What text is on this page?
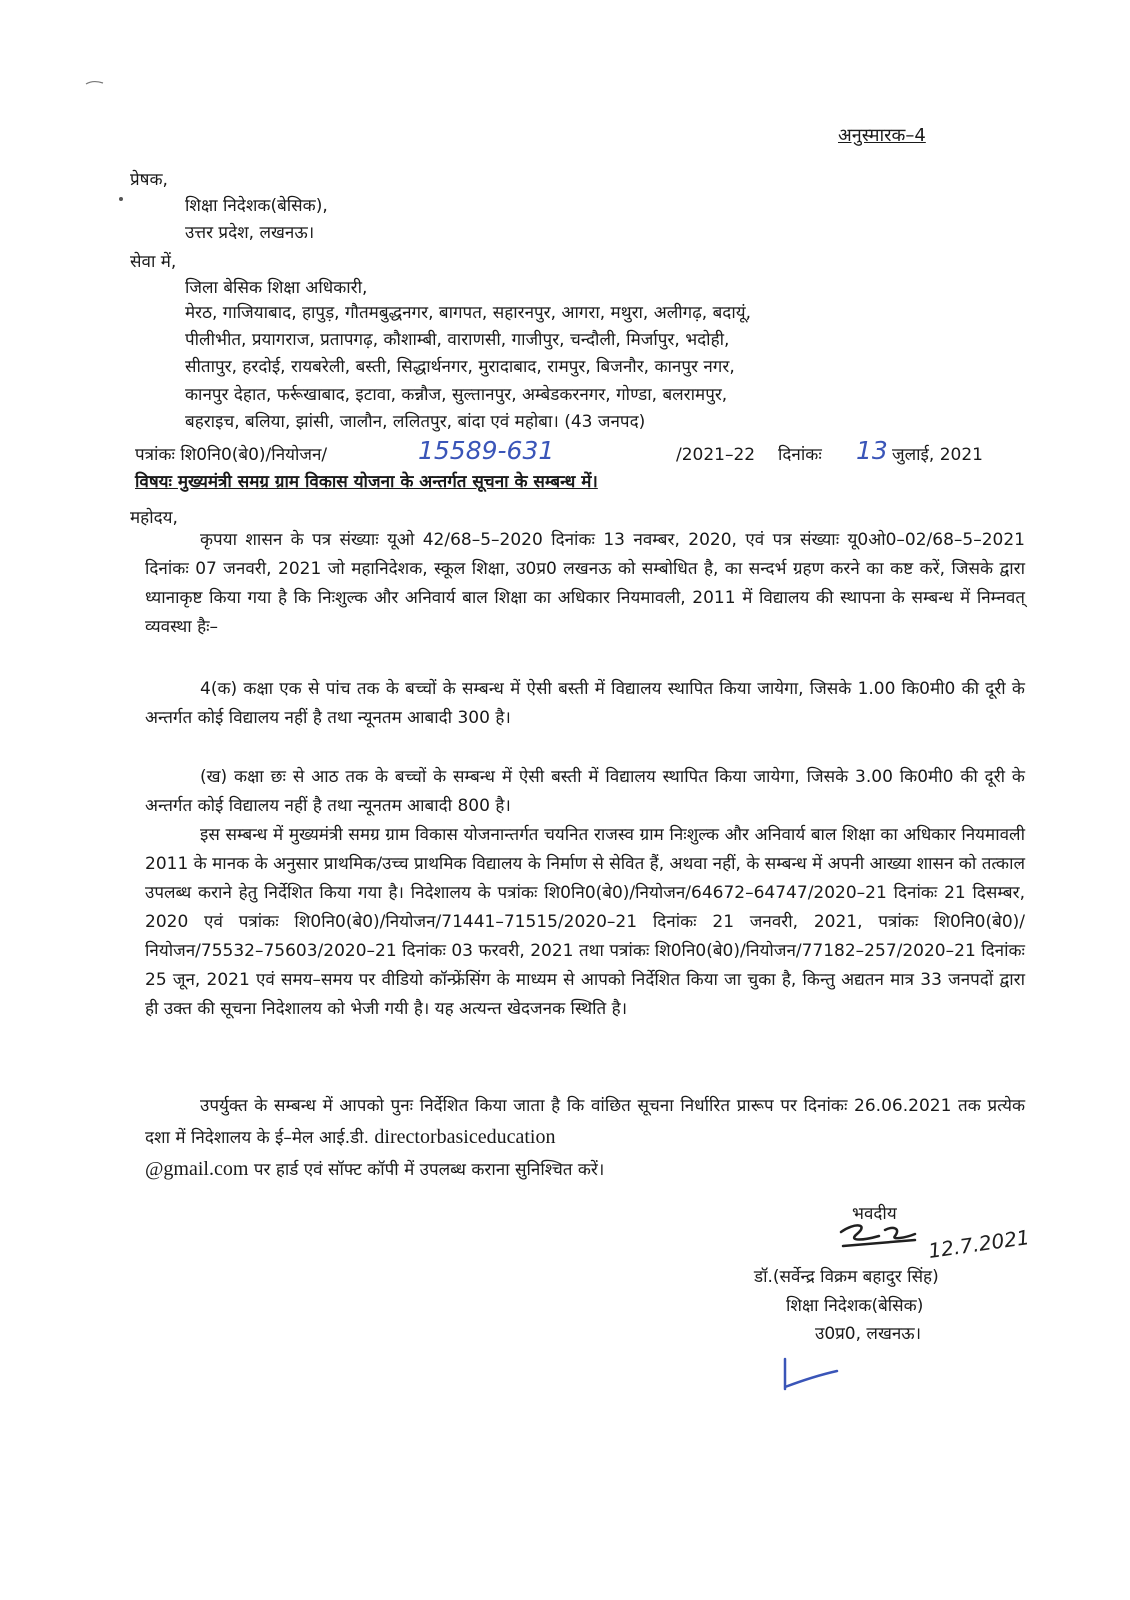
अनुस्मारक–4
प्रेषक,
शिक्षा निदेशक(बेसिक),
उत्तर प्रदेश, लखनऊ।
सेवा में,
जिला बेसिक शिक्षा अधिकारी,
मेरठ, गाजियाबाद, हापुड़, गौतमबुद्धनगर, बागपत, सहारनपुर, आगरा, मथुरा, अलीगढ़, बदायूं,
पीलीभीत, प्रयागराज, प्रतापगढ़, कौशाम्बी, वाराणसी, गाजीपुर, चन्दौली, मिर्जापुर, भदोही,
सीतापुर, हरदोई, रायबरेली, बस्ती, सिद्धार्थनगर, मुरादाबाद, रामपुर, बिजनौर, कानपुर नगर,
कानपुर देहात, फर्रूखाबाद, इटावा, कन्नौज, सुल्तानपुर, अम्बेडकरनगर, गोण्डा, बलरामपुर,
बहराइच, बलिया, झांसी, जालौन, ललितपुर, बांदा एवं महोबा। (43 जनपद)
पत्रांकः शि0नि0(बे0)/नियोजन/	15589-631	/2021–22 दिनांकः 13 जुलाई, 2021
विषयः मुख्यमंत्री समग्र ग्राम विकास योजना के अन्तर्गत सूचना के सम्बन्ध में।
महोदय,
कृपया शासन के पत्र संख्याः यूओ 42/68–5–2020 दिनांकः 13 नवम्बर, 2020, एवं पत्र संख्याः यू0ओ0–02/68–5–2021 दिनांकः 07 जनवरी, 2021 जो महानिदेशक, स्कूल शिक्षा, उ0प्र0 लखनऊ को सम्बोधित है, का सन्दर्भ ग्रहण करने का कष्ट करें, जिसके द्वारा ध्यानाकृष्ट किया गया है कि निःशुल्क और अनिवार्य बाल शिक्षा का अधिकार नियमावली, 2011 में विद्यालय की स्थापना के सम्बन्ध में निम्नवत् व्यवस्था हैः–
4(क) कक्षा एक से पांच तक के बच्चों के सम्बन्ध में ऐसी बस्ती में विद्यालय स्थापित किया जायेगा, जिसके 1.00 कि0मी0 की दूरी के अन्तर्गत कोई विद्यालय नहीं है तथा न्यूनतम आबादी 300 है।
(ख) कक्षा छः से आठ तक के बच्चों के सम्बन्ध में ऐसी बस्ती में विद्यालय स्थापित किया जायेगा, जिसके 3.00 कि0मी0 की दूरी के अन्तर्गत कोई विद्यालय नहीं है तथा न्यूनतम आबादी 800 है।
इस सम्बन्ध में मुख्यमंत्री समग्र ग्राम विकास योजनान्तर्गत चयनित राजस्व ग्राम निःशुल्क और अनिवार्य बाल शिक्षा का अधिकार नियमावली 2011 के मानक के अनुसार प्राथमिक/उच्च प्राथमिक विद्यालय के निर्माण से सेवित हैं, अथवा नहीं, के सम्बन्ध में अपनी आख्या शासन को तत्काल उपलब्ध कराने हेतु निर्देशित किया गया है। निदेशालय के पत्रांकः शि0नि0(बे0)/नियोजन/64672–64747/2020–21 दिनांकः 21 दिसम्बर, 2020 एवं पत्रांकः शि0नि0(बे0)/नियोजन/71441–71515/2020–21 दिनांकः 21 जनवरी, 2021, पत्रांकः शि0नि0(बे0)/नियोजन/75532–75603/2020–21 दिनांकः 03 फरवरी, 2021 तथा पत्रांकः शि0नि0(बे0)/नियोजन/77182–257/2020–21 दिनांकः 25 जून, 2021 एवं समय–समय पर वीडियो कॉन्फ्रेंसिंग के माध्यम से आपको निर्देशित किया जा चुका है, किन्तु अद्यतन मात्र 33 जनपदों द्वारा ही उक्त की सूचना निदेशालय को भेजी गयी है। यह अत्यन्त खेदजनक स्थिति है।
उपर्युक्त के सम्बन्ध में आपको पुनः निर्देशित किया जाता है कि वांछित सूचना निर्धारित प्रारूप पर दिनांकः 26.06.2021 तक प्रत्येक दशा में निदेशालय के ई–मेल आई.डी. directorbasiceducation
@gmail.com पर हार्ड एवं सॉफ्ट कॉपी में उपलब्ध कराना सुनिश्चित करें।
भवदीय
12.7.2021
डॉ.(सर्वेन्द्र विक्रम बहादुर सिंह)
शिक्षा निदेशक(बेसिक)
उ0प्र0, लखनऊ।
